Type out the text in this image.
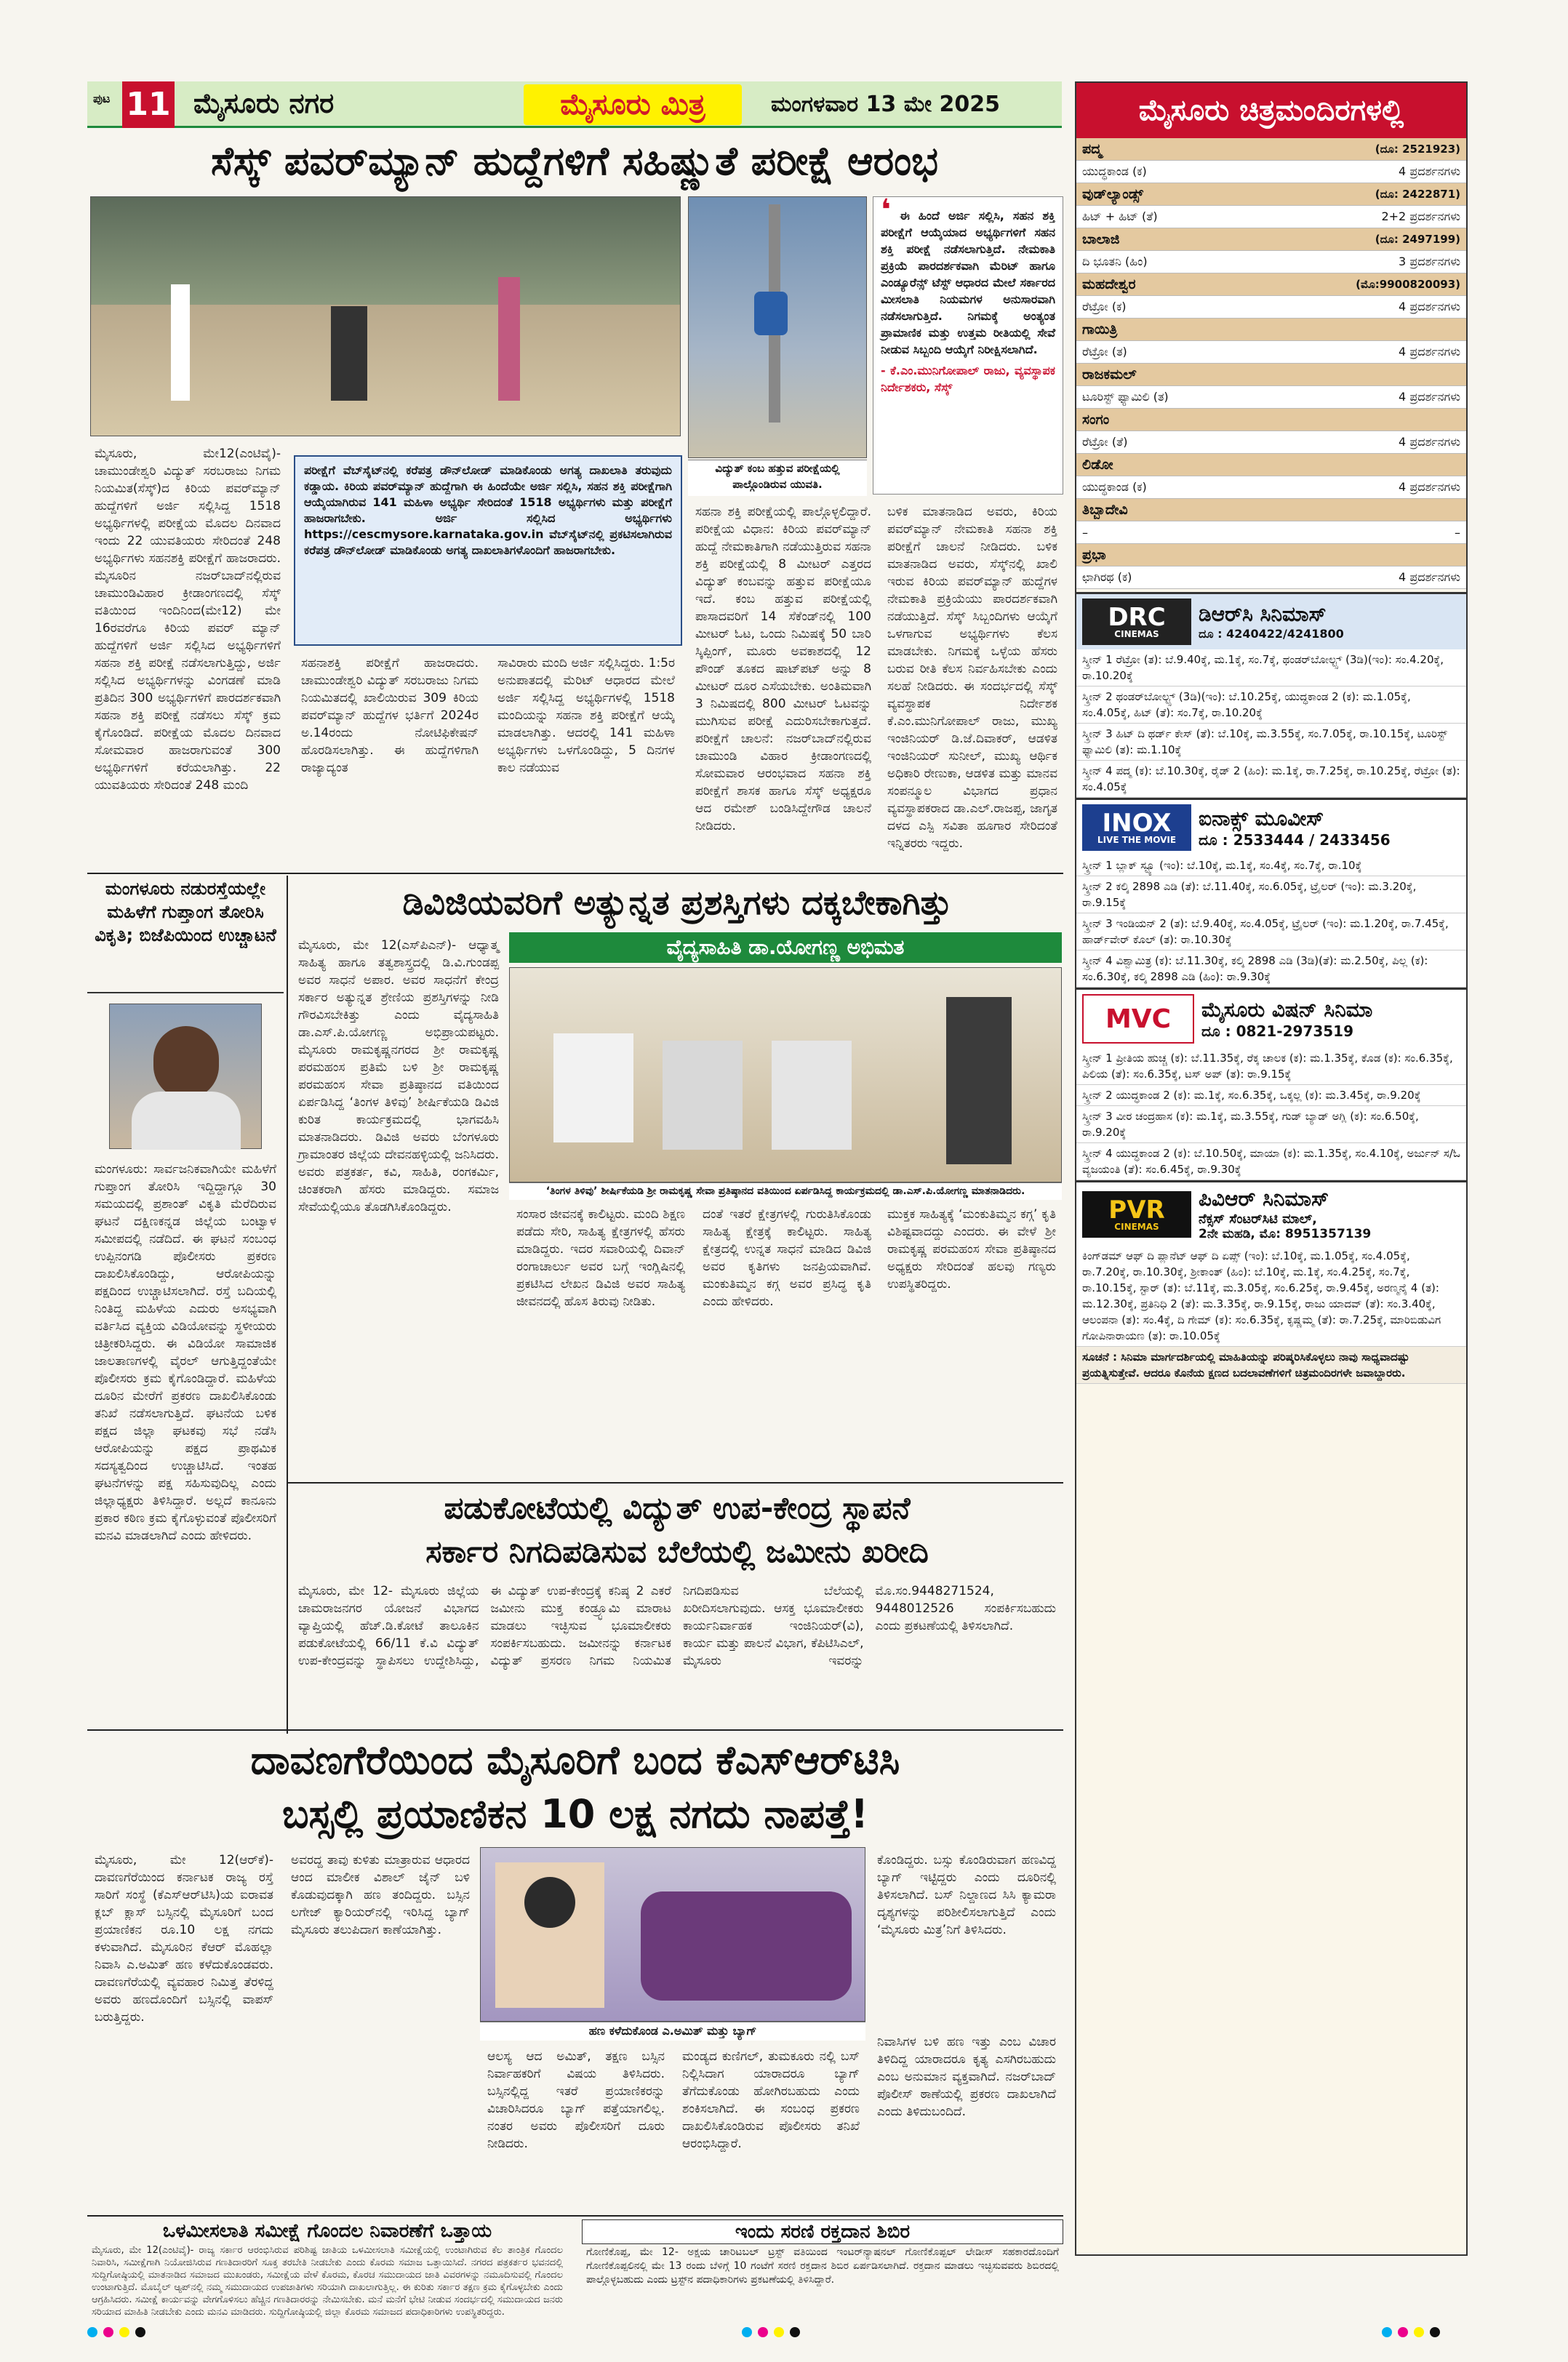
ಪುಟ 11 ಮೈಸೂರು ನಗರ	ಮೈಸೂರು ಮಿತ್ರ	ಮಂಗಳವಾರ 13 ಮೇ 2025	ಮೈಸೂರು ಚಿತ್ರಮಂದಿರಗಳಲ್ಲಿ
ಪದ್ಮ	(ದೂ: 2521923)
ಯುದ್ಧಕಾಂಡ (ಕ)	4 ಪ್ರದರ್ಶನಗಳು
ವುಡ್‌ಲ್ಯಾಂಡ್ಸ್	(ದೂ: 2422871)
ಹಿಟ್ + ಹಿಟ್ (ತೆ)	2+2 ಪ್ರದರ್ಶನಗಳು
ಬಾಲಾಜಿ	(ದೂ: 2497199)
ದಿ ಭೂತನಿ (ಹಿಂ)	3 ಪ್ರದರ್ಶನಗಳು
ಮಹದೇಶ್ವರ	(ಮೊ:9900820093)
ರೆಟ್ರೋ (ಕ)	4 ಪ್ರದರ್ಶನಗಳು
ಗಾಯಿತ್ರಿ
ರೆಟ್ರೋ (ತ)	4 ಪ್ರದರ್ಶನಗಳು
ರಾಜಕಮಲ್
ಟೂರಿಸ್ಟ್ ಫ್ಯಾಮಿಲಿ (ತ)	4 ಪ್ರದರ್ಶನಗಳು
ಸಂಗಂ
ರೆಟ್ರೋ (ತೆ)	4 ಪ್ರದರ್ಶನಗಳು
ಲಿಡೋ
ಯುದ್ಧಕಾಂಡ (ಕ)	4 ಪ್ರದರ್ಶನಗಳು
ತಿಬ್ಬಾದೇವಿ
–	–
ಪ್ರಭಾ
ಛಾಗಿರಥ (ಕ)	4 ಪ್ರದರ್ಶನಗಳು
DRC
CINEMAS
ಡಿಆರ್‌ಸಿ ಸಿನಿಮಾಸ್
ದೂ : 4240422/4241800
ಸ್ಕ್ರೀನ್ 1 ರೆಟ್ರೋ (ತ): ಬೆ.9.40ಕ್ಕೆ, ಮ.1ಕ್ಕೆ, ಸಂ.7ಕ್ಕೆ, ಥಂಡರ್‌ಬೋಲ್ಟ್ಸ್ (3ಡಿ)(ಇಂ): ಸಂ.4.20ಕ್ಕೆ, ರಾ.10.20ಕ್ಕೆ
ಸ್ಕ್ರೀನ್ 2 ಥಂಡರ್‌ಬೋಲ್ಟ್ಸ್ (3ಡಿ)(ಇಂ): ಬೆ.10.25ಕ್ಕೆ, ಯುದ್ಧಕಾಂಡ 2 (ಕ): ಮ.1.05ಕ್ಕೆ, ಸಂ.4.05ಕ್ಕೆ, ಹಿಟ್ (ತೆ): ಸಂ.7ಕ್ಕೆ, ರಾ.10.20ಕ್ಕೆ
ಸ್ಕ್ರೀನ್ 3 ಹಿಟ್ ದಿ ಥರ್ಡ್ ಕೇಸ್ (ತೆ): ಬೆ.10ಕ್ಕೆ, ಮ.3.55ಕ್ಕೆ, ಸಂ.7.05ಕ್ಕೆ, ರಾ.10.15ಕ್ಕೆ, ಟೂರಿಸ್ಟ್ ಫ್ಯಾಮಿಲಿ (ತ): ಮ.1.10ಕ್ಕೆ
ಸ್ಕ್ರೀನ್ 4 ಪದ್ಮ (ಕ): ಬೆ.10.30ಕ್ಕೆ, ರೈಡ್ 2 (ಹಿಂ): ಮ.1ಕ್ಕೆ, ರಾ.7.25ಕ್ಕೆ, ರಾ.10.25ಕ್ಕೆ, ರೆಟ್ರೋ (ತ): ಸಂ.4.05ಕ್ಕೆ
INOX
LIVE THE MOVIE
ಐನಾಕ್ಸ್ ಮೂವೀಸ್
ದೂ : 2533444 / 2433456
ಸ್ಕ್ರೀನ್ 1 ಬ್ಲಾಕ್ ಸ್ಟ್ಯೂ (ಇಂ): ಬೆ.10ಕ್ಕೆ, ಮ.1ಕ್ಕೆ, ಸಂ.4ಕ್ಕೆ, ಸಂ.7ಕ್ಕೆ, ರಾ.10ಕ್ಕೆ
ಸ್ಕ್ರೀನ್ 2 ಕಲ್ಕಿ 2898 ಎಡಿ (ತೆ): ಬೆ.11.40ಕ್ಕೆ, ಸಂ.6.05ಕ್ಕೆ, ಟ್ರೈಲರ್ (ಇಂ): ಮ.3.20ಕ್ಕೆ, ರಾ.9.15ಕ್ಕೆ
ಸ್ಕ್ರೀನ್ 3 ಇಂಡಿಯನ್ 2 (ತ): ಬೆ.9.40ಕ್ಕೆ, ಸಂ.4.05ಕ್ಕೆ, ಟ್ರೈಲರ್ (ಇಂ): ಮ.1.20ಕ್ಕೆ, ರಾ.7.45ಕ್ಕೆ, ಹಾರ್ಡ್‌ವೇರ್ ಕೊಲ್ (ತ): ರಾ.10.30ಕ್ಕೆ
ಸ್ಕ್ರೀನ್ 4 ವಿಶ್ವಾಮಿತ್ರ (ಕ): ಬೆ.11.30ಕ್ಕೆ, ಕಲ್ಕಿ 2898 ಎಡಿ (3ಡಿ)(ತೆ): ಮ.2.50ಕ್ಕೆ, ಪಿಲ್ಲ (ಕ): ಸಂ.6.30ಕ್ಕೆ, ಕಲ್ಕಿ 2898 ಎಡಿ (ಹಿಂ): ರಾ.9.30ಕ್ಕೆ
MVC ಮೈಸೂರು ವಿಷನ್ ಸಿನಿಮಾ
ದೂ : 0821-2973519
ಸ್ಕ್ರೀನ್ 1 ಪ್ರೀತಿಯ ಹುಚ್ಚ (ಕ): ಬೆ.11.35ಕ್ಕೆ, ರೆಕ್ಕ ಚಾಲಕ (ಕ): ಮ.1.35ಕ್ಕೆ, ಕೊಡ (ಕ): ಸಂ.6.35ಕ್ಕೆ, ಪಿಲಿಯ (ತೆ): ಸಂ.6.35ಕ್ಕೆ, ಟಸ್ ಅಪ್ (ತ): ರಾ.9.15ಕ್ಕೆ
ಸ್ಕ್ರೀನ್ 2 ಯುದ್ಧಕಾಂಡ 2 (ಕ): ಮ.1ಕ್ಕೆ, ಸಂ.6.35ಕ್ಕೆ, ಒಕ್ಕಲ್ಲ (ಕ): ಮ.3.45ಕ್ಕೆ, ರಾ.9.20ಕ್ಕೆ
ಸ್ಕ್ರೀನ್ 3 ವೀರ ಚಂದ್ರಹಾಸ (ಕ): ಮ.1ಕ್ಕೆ, ಮ.3.55ಕ್ಕೆ, ಗುಡ್ ಬ್ಯಾಡ್ ಅಗ್ಲಿ (ಕ): ಸಂ.6.50ಕ್ಕೆ, ರಾ.9.20ಕ್ಕೆ
ಸ್ಕ್ರೀನ್ 4 ಯುದ್ಧಕಾಂಡ 2 (ಕ): ಬೆ.10.50ಕ್ಕೆ, ಮಾಯಾ (ಕ): ಮ.1.35ಕ್ಕೆ, ಸಂ.4.10ಕ್ಕೆ, ಅರ್ಜುನ್ ಸ/ಓ ವ್ಯಜಯಂತಿ (ತೆ): ಸಂ.6.45ಕ್ಕೆ, ರಾ.9.30ಕ್ಕೆ
PVR
CINEMAS
ಪಿವಿಆರ್ ಸಿನಿಮಾಸ್
ನೆಕ್ಸಸ್ ಸೆಂಟರ್‌ಸಿಟಿ ಮಾಲ್,
2ನೇ ಮಹಡಿ, ಮೊ: 8951357139
ಕಿಂಗ್‌ಡಮ್ ಆಫ್ ದಿ ಪ್ಲಾನೆಟ್ ಆಫ್ ದಿ ಏಪ್ಸ್ (ಇಂ): ಬೆ.10ಕ್ಕೆ, ಮ.1.05ಕ್ಕೆ, ಸಂ.4.05ಕ್ಕೆ, ರಾ.7.20ಕ್ಕೆ, ರಾ.10.30ಕ್ಕೆ, ಶ್ರೀಕಾಂತ್ (ಹಿಂ): ಬೆ.10ಕ್ಕೆ, ಮ.1ಕ್ಕೆ, ಸಂ.4.25ಕ್ಕೆ, ಸಂ.7ಕ್ಕೆ, ರಾ.10.15ಕ್ಕೆ, ಸ್ಟಾರ್ (ತ): ಬೆ.11ಕ್ಕೆ, ಮ.3.05ಕ್ಕೆ, ಸಂ.6.25ಕ್ಕೆ, ರಾ.9.45ಕ್ಕೆ, ಅರಣ್ಮನೈ 4 (ತ): ಮ.12.30ಕ್ಕೆ, ಪ್ರತಿನಿಧಿ 2 (ತೆ): ಮ.3.35ಕ್ಕೆ, ರಾ.9.15ಕ್ಕೆ, ರಾಜು ಯಾದವ್ (ತೆ): ಸಂ.3.40ಕ್ಕೆ, ಆಲಂಪನಾ (ತ): ಸಂ.4ಕ್ಕೆ, ದಿ ಗೇಮ್ (ಕ): ಸಂ.6.35ಕ್ಕೆ, ಕೃಷ್ಣಮ್ಮ (ತೆ): ರಾ.7.25ಕ್ಕೆ, ಮಾರಿಬಿಡುವಿಗ ಗೋಪಿನಾರಾಯಣ (ತ): ರಾ.10.05ಕ್ಕೆ
ಸೂಚನೆ : ಸಿನಿಮಾ ಮಾರ್ಗದರ್ಶಿಯಲ್ಲಿ ಮಾಹಿತಿಯನ್ನು ಪರಿಷ್ಕರಿಸಿಕೊಳ್ಳಲು ನಾವು ಸಾಧ್ಯವಾದಷ್ಟು ಪ್ರಯತ್ನಿಸುತ್ತೇವೆ. ಆದರೂ ಕೊನೆಯ ಕ್ಷಣದ ಬದಲಾವಣೆಗಳಿಗೆ ಚಿತ್ರಮಂದಿರಗಳೇ ಜವಾಬ್ದಾರರು.
ಸೆಸ್ಕ್ ಪವರ್‌ಮ್ಯಾನ್ ಹುದ್ದೆಗಳಿಗೆ ಸಹಿಷ್ಣುತೆ ಪರೀಕ್ಷೆ ಆರಂಭ
ವಿದ್ಯುತ್ ಕಂಬ ಹತ್ತುವ ಪರೀಕ್ಷೆಯಲ್ಲಿ ಪಾಲ್ಗೊಂಡಿರುವ ಯುವತಿ.
❛ ಈ ಹಿಂದೆ ಅರ್ಜಿ ಸಲ್ಲಿಸಿ, ಸಹನ ಶಕ್ತಿ ಪರೀಕ್ಷೆಗೆ ಆಯ್ಕೆಯಾದ ಅಭ್ಯರ್ಥಿಗಳಿಗೆ ಸಹನ ಶಕ್ತಿ ಪರೀಕ್ಷೆ ನಡೆಸಲಾಗುತ್ತಿದೆ. ನೇಮಕಾತಿ ಪ್ರಕ್ರಿಯೆ ಪಾರದರ್ಶಕವಾಗಿ ಮೆರಿಟ್ ಹಾಗೂ ಎಂಡ್ಯೂರೆನ್ಸ್ ಟೆಸ್ಟ್ ಆಧಾರದ ಮೇಲೆ ಸರ್ಕಾರದ ಮೀಸಲಾತಿ ನಿಯಮಗಳ ಅನುಸಾರವಾಗಿ ನಡೆಸಲಾಗುತ್ತಿದೆ. ನಿಗಮಕ್ಕೆ ಅಂತ್ಯಂತ ಪ್ರಾಮಾಣಿಕ ಮತ್ತು ಉತ್ತಮ ರೀತಿಯಲ್ಲಿ ಸೇವೆ ನೀಡುವ ಸಿಬ್ಬಂದಿ ಆಯ್ಕೆಗೆ ನಿರೀಕ್ಷಿಸಲಾಗಿದೆ.
- ಕೆ.ಎಂ.ಮುನಿಗೋಪಾಲ್ ರಾಜು, ವ್ಯವಸ್ಥಾಪಕ ನಿರ್ದೇಶಕರು, ಸೆಸ್ಕ್
ಮೈಸೂರು, ಮೇ12(ಎಂಟಿವೈ)- ಚಾಮುಂಡೇಶ್ವರಿ ವಿದ್ಯುತ್ ಸರಬರಾಜು ನಿಗಮ ನಿಯಮಿತ(ಸೆಸ್ಕ್)ದ ಕಿರಿಯ ಪವರ್‌ಮ್ಯಾನ್ ಹುದ್ದೆಗಳಿಗೆ ಅರ್ಜಿ ಸಲ್ಲಿಸಿದ್ದ 1518 ಅಭ್ಯರ್ಥಿಗಳಲ್ಲಿ ಪರೀಕ್ಷೆಯ ಮೊದಲ ದಿನವಾದ ಇಂದು 22 ಯುವತಿಯರು ಸೇರಿದಂತೆ 248 ಅಭ್ಯರ್ಥಿಗಳು ಸಹನಶಕ್ತಿ ಪರೀಕ್ಷೆಗೆ ಹಾಜರಾದರು. ಮೈಸೂರಿನ ನಜರ್‌ಬಾದ್‌ನಲ್ಲಿರುವ ಚಾಮುಂಡಿವಿಹಾರ ಕ್ರೀಡಾಂಗಣದಲ್ಲಿ ಸೆಸ್ಕ್ ವತಿಯಿಂದ ಇಂದಿನಿಂದ(ಮೇ12) ಮೇ 16ರವರೆಗೂ ಕಿರಿಯ ಪವರ್ ಮ್ಯಾನ್ ಹುದ್ದೆಗಳಿಗೆ ಅರ್ಜಿ ಸಲ್ಲಿಸಿದ ಅಭ್ಯರ್ಥಿಗಳಿಗೆ ಸಹನಾ ಶಕ್ತಿ ಪರೀಕ್ಷೆ ನಡೆಸಲಾಗುತ್ತಿದ್ದು, ಅರ್ಜಿ ಸಲ್ಲಿಸಿದ ಅಭ್ಯರ್ಥಿಗಳನ್ನು ವಿಂಗಡಣೆ ಮಾಡಿ ಪ್ರತಿದಿನ 300 ಅಭ್ಯರ್ಥಿಗಳಿಗೆ ಪಾರದರ್ಶಕವಾಗಿ ಸಹನಾ ಶಕ್ತಿ ಪರೀಕ್ಷೆ ನಡೆಸಲು ಸೆಸ್ಕ್ ಕ್ರಮ ಕೈಗೊಂಡಿದೆ. ಪರೀಕ್ಷೆಯ ಮೊದಲ ದಿನವಾದ ಸೋಮವಾರ ಹಾಜರಾಗುವಂತೆ 300 ಅಭ್ಯರ್ಥಿಗಳಿಗೆ ಕರೆಯಲಾಗಿತ್ತು. 22 ಯುವತಿಯರು ಸೇರಿದಂತೆ 248 ಮಂದಿ
ಪರೀಕ್ಷೆಗೆ ವೆಬ್‌ಸೈಟ್‌ನಲ್ಲಿ ಕರೆಪತ್ರ ಡೌನ್‌ಲೋಡ್ ಮಾಡಿಕೊಂಡು ಅಗತ್ಯ ದಾಖಲಾತಿ ತರುವುದು ಕಡ್ಡಾಯ. ಕಿರಿಯ ಪವರ್‌ಮ್ಯಾನ್ ಹುದ್ದೆಗಾಗಿ ಈ ಹಿಂದೆಯೇ ಅರ್ಜಿ ಸಲ್ಲಿಸಿ, ಸಹನ ಶಕ್ತಿ ಪರೀಕ್ಷೆಗಾಗಿ ಆಯ್ಕೆಯಾಗಿರುವ 141 ಮಹಿಳಾ ಅಭ್ಯರ್ಥಿ ಸೇರಿದಂತೆ 1518 ಅಭ್ಯರ್ಥಿಗಳು ಮತ್ತು ಪರೀಕ್ಷೆಗೆ ಹಾಜರಾಗಬೇಕು. ಅರ್ಜಿ ಸಲ್ಲಿಸಿದ ಅಭ್ಯರ್ಥಿಗಳು https://cescmysore.karnataka.gov.in ವೆಬ್‌ಸೈಟ್‌ನಲ್ಲಿ ಪ್ರಕಟಿಸಲಾಗಿರುವ ಕರೆಪತ್ರ ಡೌನ್‌ಲೋಡ್ ಮಾಡಿಕೊಂಡು ಅಗತ್ಯ ದಾಖಲಾತಿಗಳೊಂದಿಗೆ ಹಾಜರಾಗಬೇಕು.
ಸಹನಾಶಕ್ತಿ ಪರೀಕ್ಷೆಗೆ ಹಾಜರಾದರು. ಚಾಮುಂಡೇಶ್ವರಿ ವಿದ್ಯುತ್ ಸರಬರಾಜು ನಿಗಮ ನಿಯಮಿತದಲ್ಲಿ ಖಾಲಿಯಿರುವ 309 ಕಿರಿಯ ಪವರ್‌ಮ್ಯಾನ್ ಹುದ್ದೆಗಳ ಭರ್ತಿಗೆ 2024ರ ಅ.14ರಂದು ನೋಟಿಫಿಕೇಷನ್ ಹೊರಡಿಸಲಾಗಿತ್ತು. ಈ ಹುದ್ದೆಗಳಿಗಾಗಿ ರಾಜ್ಯಾದ್ಯಂತ
ಸಾವಿರಾರು ಮಂದಿ ಅರ್ಜಿ ಸಲ್ಲಿಸಿದ್ದರು. 1:5ರ ಅನುಪಾತದಲ್ಲಿ ಮೆರಿಟ್ ಆಧಾರದ ಮೇಲೆ ಅರ್ಜಿ ಸಲ್ಲಿಸಿದ್ದ ಅಭ್ಯರ್ಥಿಗಳಲ್ಲಿ 1518 ಮಂದಿಯನ್ನು ಸಹನಾ ಶಕ್ತಿ ಪರೀಕ್ಷೆಗೆ ಆಯ್ಕೆ ಮಾಡಲಾಗಿತ್ತು. ಆದರಲ್ಲಿ 141 ಮಹಿಳಾ ಅಭ್ಯರ್ಥಿಗಳು ಒಳಗೊಂಡಿದ್ದು, 5 ದಿನಗಳ ಕಾಲ ನಡೆಯುವ
ಸಹನಾ ಶಕ್ತಿ ಪರೀಕ್ಷೆಯಲ್ಲಿ ಪಾಲ್ಗೊಳ್ಳಲಿದ್ದಾರೆ. ಪರೀಕ್ಷೆಯ ವಿಧಾನ: ಕಿರಿಯ ಪವರ್‌ಮ್ಯಾನ್ ಹುದ್ದೆ ನೇಮಕಾತಿಗಾಗಿ ನಡೆಯುತ್ತಿರುವ ಸಹನಾ ಶಕ್ತಿ ಪರೀಕ್ಷೆಯಲ್ಲಿ 8 ಮೀಟರ್ ಎತ್ತರದ ವಿದ್ಯುತ್ ಕಂಬವನ್ನು ಹತ್ತುವ ಪರೀಕ್ಷೆಯೂ ಇದೆ. ಕಂಬ ಹತ್ತುವ ಪರೀಕ್ಷೆಯಲ್ಲಿ ಪಾಸಾದವರಿಗೆ 14 ಸೆಕೆಂಡ್‌ನಲ್ಲಿ 100 ಮೀಟರ್ ಓಟ, ಒಂದು ನಿಮಿಷಕ್ಕೆ 50 ಬಾರಿ ಸ್ಕಿಪ್ಪಿಂಗ್, ಮೂರು ಅವಕಾಶದಲ್ಲಿ 12 ಪೌಂಡ್ ತೂಕದ ಷಾಟ್‌ಪಟ್ ಅನ್ನು 8 ಮೀಟರ್ ದೂರ ಎಸೆಯಬೇಕು. ಅಂತಿಮವಾಗಿ 3 ನಿಮಿಷದಲ್ಲಿ 800 ಮೀಟರ್ ಓಟವನ್ನು ಮುಗಿಸುವ ಪರೀಕ್ಷೆ ಎದುರಿಸಬೇಕಾಗುತ್ತದೆ. ಪರೀಕ್ಷೆಗೆ ಚಾಲನೆ: ನಜರ್‌ಬಾದ್‌ನಲ್ಲಿರುವ ಚಾಮುಂಡಿ ವಿಹಾರ ಕ್ರೀಡಾಂಗಣದಲ್ಲಿ ಸೋಮವಾರ ಆರಂಭವಾದ ಸಹನಾ ಶಕ್ತಿ ಪರೀಕ್ಷೆಗೆ ಶಾಸಕ ಹಾಗೂ ಸೆಸ್ಕ್ ಅಧ್ಯಕ್ಷರೂ ಆದ ರಮೇಶ್ ಬಂಡಿಸಿದ್ದೇಗೌಡ ಚಾಲನೆ ನೀಡಿದರು.
ಬಳಿಕ ಮಾತನಾಡಿದ ಅವರು, ಕಿರಿಯ ಪವರ್‌ಮ್ಯಾನ್ ನೇಮಕಾತಿ ಸಹನಾ ಶಕ್ತಿ ಪರೀಕ್ಷೆಗೆ ಚಾಲನೆ ನೀಡಿದರು. ಬಳಿಕ ಮಾತನಾಡಿದ ಅವರು, ಸೆಸ್ಕ್‌ನಲ್ಲಿ ಖಾಲಿ ಇರುವ ಕಿರಿಯ ಪವರ್‌ಮ್ಯಾನ್ ಹುದ್ದೆಗಳ ನೇಮಕಾತಿ ಪ್ರಕ್ರಿಯೆಯು ಪಾರದರ್ಶಕವಾಗಿ ನಡೆಯುತ್ತಿದೆ. ಸೆಸ್ಕ್ ಸಿಬ್ಬಂದಿಗಳು ಆಯ್ಕೆಗೆ ಒಳಗಾಗುವ ಅಭ್ಯರ್ಥಿಗಳು ಕೆಲಸ ಮಾಡಬೇಕು. ನಿಗಮಕ್ಕೆ ಒಳ್ಳೆಯ ಹೆಸರು ಬರುವ ರೀತಿ ಕೆಲಸ ನಿರ್ವಹಿಸಬೇಕು ಎಂದು ಸಲಹೆ ನೀಡಿದರು. ಈ ಸಂದರ್ಭದಲ್ಲಿ ಸೆಸ್ಕ್ ವ್ಯವಸ್ಥಾಪಕ ನಿರ್ದೇಶಕ ಕೆ.ಎಂ.ಮುನಿಗೋಪಾಲ್ ರಾಜು, ಮುಖ್ಯ ಇಂಜಿನಿಯರ್ ಡಿ.ಜೆ.ದಿವಾಕರ್, ಆಡಳಿತ ಇಂಜಿನಿಯರ್ ಸುನೀಲ್, ಮುಖ್ಯ ಆರ್ಥಿಕ ಅಧಿಕಾರಿ ರೇಣುಕಾ, ಆಡಳಿತ ಮತ್ತು ಮಾನವ ಸಂಪನ್ಮೂಲ ವಿಭಾಗದ ಪ್ರಧಾನ ವ್ಯವಸ್ಥಾಪಕರಾದ ಡಾ.ಎಲ್.ರಾಜಪ್ಪ, ಜಾಗೃತ ದಳದ ಎಸ್ಪಿ ಸವಿತಾ ಹೂಗಾರ ಸೇರಿದಂತೆ ಇನ್ನಿತರರು ಇದ್ದರು.
ಮಂಗಳೂರು ನಡುರಸ್ತೆಯಲ್ಲೇ ಮಹಿಳೆಗೆ ಗುಪ್ತಾಂಗ ತೋರಿಸಿ ವಿಕೃತಿ; ಬಿಜೆಪಿಯಿಂದ ಉಚ್ಚಾಟನೆ
ಮಂಗಳೂರು: ಸಾರ್ವಜನಿಕವಾಗಿಯೇ ಮಹಿಳೆಗೆ ಗುಪ್ತಾಂಗ ತೋರಿಸಿ ಇದ್ದಿದ್ದಾಗ್ಗೂ 30 ಸಮಯದಲ್ಲಿ ಪ್ರಶಾಂತ್ ವಿಕೃತಿ ಮೆರೆದಿರುವ ಘಟನೆ ದಕ್ಷಿಣಕನ್ನಡ ಜಿಲ್ಲೆಯ ಬಂಟ್ವಾಳ ಸಮೀಪದಲ್ಲಿ ನಡೆದಿದೆ. ಈ ಘಟನೆ ಸಂಬಂಧ ಉಪ್ಪಿನಂಗಡಿ ಪೊಲೀಸರು ಪ್ರಕರಣ ದಾಖಲಿಸಿಕೊಂಡಿದ್ದು, ಆರೋಪಿಯನ್ನು ಪಕ್ಷದಿಂದ ಉಚ್ಚಾಟಿಸಲಾಗಿದೆ. ರಸ್ತೆ ಬದಿಯಲ್ಲಿ ನಿಂತಿದ್ದ ಮಹಿಳೆಯ ಎದುರು ಅಸಭ್ಯವಾಗಿ ವರ್ತಿಸಿದ ವ್ಯಕ್ತಿಯ ವಿಡಿಯೋವನ್ನು ಸ್ಥಳೀಯರು ಚಿತ್ರೀಕರಿಸಿದ್ದರು. ಈ ವಿಡಿಯೋ ಸಾಮಾಜಿಕ ಜಾಲತಾಣಗಳಲ್ಲಿ ವೈರಲ್ ಆಗುತ್ತಿದ್ದಂತೆಯೇ ಪೊಲೀಸರು ಕ್ರಮ ಕೈಗೊಂಡಿದ್ದಾರೆ. ಮಹಿಳೆಯ ದೂರಿನ ಮೇರೆಗೆ ಪ್ರಕರಣ ದಾಖಲಿಸಿಕೊಂಡು ತನಿಖೆ ನಡೆಸಲಾಗುತ್ತಿದೆ. ಘಟನೆಯ ಬಳಿಕ ಪಕ್ಷದ ಜಿಲ್ಲಾ ಘಟಕವು ಸಭೆ ನಡೆಸಿ ಆರೋಪಿಯನ್ನು ಪಕ್ಷದ ಪ್ರಾಥಮಿಕ ಸದಸ್ಯತ್ವದಿಂದ ಉಚ್ಚಾಟಿಸಿದೆ. ಇಂತಹ ಘಟನೆಗಳನ್ನು ಪಕ್ಷ ಸಹಿಸುವುದಿಲ್ಲ ಎಂದು ಜಿಲ್ಲಾಧ್ಯಕ್ಷರು ತಿಳಿಸಿದ್ದಾರೆ. ಅಲ್ಲದೆ ಕಾನೂನು ಪ್ರಕಾರ ಕಠಿಣ ಕ್ರಮ ಕೈಗೊಳ್ಳುವಂತೆ ಪೊಲೀಸರಿಗೆ ಮನವಿ ಮಾಡಲಾಗಿದೆ ಎಂದು ಹೇಳಿದರು.
ಡಿವಿಜಿಯವರಿಗೆ ಅತ್ಯುನ್ನತ ಪ್ರಶಸ್ತಿಗಳು ದಕ್ಕಬೇಕಾಗಿತ್ತು
ವೈದ್ಯಸಾಹಿತಿ ಡಾ.ಯೋಗಣ್ಣ ಅಭಿಮತ
ಮೈಸೂರು, ಮೇ 12(ಎಸ್‌ಪಿಎನ್)- ಆಧ್ಯಾತ್ಮ ಸಾಹಿತ್ಯ ಹಾಗೂ ತತ್ವಶಾಸ್ತ್ರದಲ್ಲಿ ಡಿ.ವಿ.ಗುಂಡಪ್ಪ ಅವರ ಸಾಧನೆ ಅಪಾರ. ಅವರ ಸಾಧನೆಗೆ ಕೇಂದ್ರ ಸರ್ಕಾರ ಅತ್ಯುನ್ನತ ಶ್ರೇಣಿಯ ಪ್ರಶಸ್ತಿಗಳನ್ನು ನೀಡಿ ಗೌರವಿಸಬೇಕಿತ್ತು ಎಂದು ವೈದ್ಯಸಾಹಿತಿ ಡಾ.ಎಸ್.ಪಿ.ಯೋಗಣ್ಣ ಅಭಿಪ್ರಾಯಪಟ್ಟರು. ಮೈಸೂರು ರಾಮಕೃಷ್ಣನಗರದ ಶ್ರೀ ರಾಮಕೃಷ್ಣ ಪರಮಹಂಸ ಪ್ರತಿಮೆ ಬಳಿ ಶ್ರೀ ರಾಮಕೃಷ್ಣ ಪರಮಹಂಸ ಸೇವಾ ಪ್ರತಿಷ್ಠಾನದ ವತಿಯಿಂದ ಏರ್ಪಡಿಸಿದ್ದ ‘ತಿಂಗಳ ತಿಳಿವು’ ಶೀರ್ಷಿಕೆಯಡಿ ಡಿವಿಜಿ ಕುರಿತ ಕಾರ್ಯಕ್ರಮದಲ್ಲಿ ಭಾಗವಹಿಸಿ ಮಾತನಾಡಿದರು. ಡಿವಿಜಿ ಅವರು ಬೆಂಗಳೂರು ಗ್ರಾಮಾಂತರ ಜಿಲ್ಲೆಯ ದೇವನಹಳ್ಳಿಯಲ್ಲಿ ಜನಿಸಿದರು. ಅವರು ಪತ್ರಕರ್ತ, ಕವಿ, ಸಾಹಿತಿ, ರಂಗಕರ್ಮಿ, ಚಿಂತಕರಾಗಿ ಹೆಸರು ಮಾಡಿದ್ದರು. ಸಮಾಜ ಸೇವೆಯಲ್ಲಿಯೂ ತೊಡಗಿಸಿಕೊಂಡಿದ್ದರು.
‘ತಿಂಗಳ ತಿಳಿವು’ ಶೀರ್ಷಿಕೆಯಡಿ ಶ್ರೀ ರಾಮಕೃಷ್ಣ ಸೇವಾ ಪ್ರತಿಷ್ಠಾನದ ವತಿಯಿಂದ ಏರ್ಪಡಿಸಿದ್ದ ಕಾರ್ಯಕ್ರಮದಲ್ಲಿ ಡಾ.ಎಸ್.ಪಿ.ಯೋಗಣ್ಣ ಮಾತನಾಡಿದರು.
ಸಂಸಾರ ಜೀವನಕ್ಕೆ ಕಾಲಿಟ್ಟರು. ಮಂದಿ ಶಿಕ್ಷಣ ಪಡೆದು ಸೇರಿ, ಸಾಹಿತ್ಯ ಕ್ಷೇತ್ರಗಳಲ್ಲಿ ಹೆಸರು ಮಾಡಿದ್ದರು. ಇದರ ಸವಾರಿಯಲ್ಲಿ ದಿವಾನ್ ರಂಗಾಚಾರ್ಲು ಅವರ ಬಗ್ಗೆ ಇಂಗ್ಲಿಷಿನಲ್ಲಿ ಪ್ರಕಟಿಸಿದ ಲೇಖನ ಡಿವಿಜಿ ಅವರ ಸಾಹಿತ್ಯ ಜೀವನದಲ್ಲಿ ಹೊಸ ತಿರುವು ನೀಡಿತು.
ದಂತೆ ಇತರೆ ಕ್ಷೇತ್ರಗಳಲ್ಲಿ ಗುರುತಿಸಿಕೊಂಡು ಸಾಹಿತ್ಯ ಕ್ಷೇತ್ರಕ್ಕೆ ಕಾಲಿಟ್ಟರು. ಸಾಹಿತ್ಯ ಕ್ಷೇತ್ರದಲ್ಲಿ ಉನ್ನತ ಸಾಧನೆ ಮಾಡಿದ ಡಿವಿಜಿ ಅವರ ಕೃತಿಗಳು ಜನಪ್ರಿಯವಾಗಿವೆ. ಮಂಕುತಿಮ್ಮನ ಕಗ್ಗ ಅವರ ಪ್ರಸಿದ್ಧ ಕೃತಿ ಎಂದು ಹೇಳಿದರು.
ಮುಕ್ತಕ ಸಾಹಿತ್ಯಕ್ಕೆ ‘ಮಂಕುತಿಮ್ಮನ ಕಗ್ಗ’ ಕೃತಿ ವಿಶಿಷ್ಟವಾದದ್ದು ಎಂದರು. ಈ ವೇಳೆ ಶ್ರೀ ರಾಮಕೃಷ್ಣ ಪರಮಹಂಸ ಸೇವಾ ಪ್ರತಿಷ್ಠಾನದ ಅಧ್ಯಕ್ಷರು ಸೇರಿದಂತೆ ಹಲವು ಗಣ್ಯರು ಉಪಸ್ಥಿತರಿದ್ದರು.
ಪಡುಕೋಟೆಯಲ್ಲಿ ವಿದ್ಯುತ್ ಉಪ-ಕೇಂದ್ರ ಸ್ಥಾಪನೆ
ಸರ್ಕಾರ ನಿಗದಿಪಡಿಸುವ ಬೆಲೆಯಲ್ಲಿ ಜಮೀನು ಖರೀದಿ
ಮೈಸೂರು, ಮೇ 12- ಮೈಸೂರು ಜಿಲ್ಲೆಯ ಚಾಮರಾಜನಗರ ಯೋಜನೆ ವಿಭಾಗದ ವ್ಯಾಪ್ತಿಯಲ್ಲಿ ಹೆಚ್.ಡಿ.ಕೋಟೆ ತಾಲೂಕಿನ ಪಡುಕೋಟೆಯಲ್ಲಿ 66/11 ಕೆ.ವಿ ವಿದ್ಯುತ್ ಉಪ-ಕೇಂದ್ರವನ್ನು ಸ್ಥಾಪಿಸಲು ಉದ್ದೇಶಿಸಿದ್ದು, ಈ ವಿದ್ಯುತ್ ಉಪ-ಕೇಂದ್ರಕ್ಕೆ ಕನಿಷ್ಠ 2 ಎಕರೆ ಜಮೀನು ಮುಕ್ತ ಕಂಡ್ರ್ಭೂಮಿ ಮಾರಾಟ ಮಾಡಲು ಇಚ್ಛಿಸುವ ಭೂಮಾಲೀಕರು ಸಂಪರ್ಕಿಸಬಹುದು. ಜಮೀನನ್ನು ಕರ್ನಾಟಕ ವಿದ್ಯುತ್ ಪ್ರಸರಣ ನಿಗಮ ನಿಯಮಿತ ನಿಗದಿಪಡಿಸುವ ಬೆಲೆಯಲ್ಲಿ ಖರೀದಿಸಲಾಗುವುದು. ಆಸಕ್ತ ಭೂಮಾಲೀಕರು ಕಾರ್ಯನಿರ್ವಾಹಕ ಇಂಜಿನಿಯರ್(ವಿ), ಕಾರ್ಯ ಮತ್ತು ಪಾಲನೆ ವಿಭಾಗ, ಕೆಪಿಟಿಸಿಎಲ್, ಮೈಸೂರು ಇವರನ್ನು ಮೊ.ಸಂ.9448271524, 9448012526 ಸಂಪರ್ಕಿಸಬಹುದು ಎಂದು ಪ್ರಕಟಣೆಯಲ್ಲಿ ತಿಳಿಸಲಾಗಿದೆ.
ದಾವಣಗೆರೆಯಿಂದ ಮೈಸೂರಿಗೆ ಬಂದ ಕೆಎಸ್‌ಆರ್‌ಟಿಸಿ
ಬಸ್ಸಲ್ಲಿ ಪ್ರಯಾಣಿಕನ 10 ಲಕ್ಷ ನಗದು ನಾಪತ್ತೆ!
ಮೈಸೂರು, ಮೇ 12(ಆರ್‌ಕೆ)- ದಾವಣಗೆರೆಯಿಂದ ಕರ್ನಾಟಕ ರಾಜ್ಯ ರಸ್ತೆ ಸಾರಿಗೆ ಸಂಸ್ಥೆ (ಕೆಎಸ್‌ಆರ್‌ಟಿಸಿ)ಯ ಐರಾವತ ಕ್ಲಬ್ ಕ್ಲಾಸ್ ಬಸ್ಸಿನಲ್ಲಿ ಮೈಸೂರಿಗೆ ಬಂದ ಪ್ರಯಾಣಿಕನ ರೂ.10 ಲಕ್ಷ ನಗದು ಕಳುವಾಗಿದೆ. ಮೈಸೂರಿನ ಕೆಆರ್ ಮೊಹಲ್ಲಾ ನಿವಾಸಿ ಎ.ಅಮಿತ್ ಹಣ ಕಳೆದುಕೊಂಡವರು. ದಾವಣಗೆರೆಯಲ್ಲಿ ವ್ಯವಹಾರ ನಿಮಿತ್ತ ತೆರಳಿದ್ದ ಅವರು ಹಣದೊಂದಿಗೆ ಬಸ್ಸಿನಲ್ಲಿ ವಾಪಸ್ ಬರುತ್ತಿದ್ದರು.
ಅವರದ್ದ ತಾವು ಕುಳಿತು ಮಾತ್ರಾರುವ ಆಧಾರದ ಆಂದ ಮಾಲೀಕ ವಿಶಾಲ್ ಜೈನ್ ಬಳಿ ಕೊಡುವುದಕ್ಕಾಗಿ ಹಣ ತಂದಿದ್ದರು. ಬಸ್ಸಿನ ಲಗೇಜ್ ಕ್ಯಾರಿಯರ್‌ನಲ್ಲಿ ಇರಿಸಿದ್ದ ಬ್ಯಾಗ್ ಮೈಸೂರು ತಲುಪಿದಾಗ ಕಾಣೆಯಾಗಿತ್ತು.
ಹಣ ಕಳೆದುಕೊಂಡ ಎ.ಅಮಿತ್ ಮತ್ತು ಬ್ಯಾಗ್
ಆಲಸ್ಯ ಆದ ಅಮಿತ್, ತಕ್ಷಣ ಬಸ್ಸಿನ ನಿರ್ವಾಹಕರಿಗೆ ವಿಷಯ ತಿಳಿಸಿದರು. ಬಸ್ಸಿನಲ್ಲಿದ್ದ ಇತರೆ ಪ್ರಯಾಣಿಕರನ್ನು ವಿಚಾರಿಸಿದರೂ ಬ್ಯಾಗ್ ಪತ್ತೆಯಾಗಲಿಲ್ಲ. ನಂತರ ಅವರು ಪೊಲೀಸರಿಗೆ ದೂರು ನೀಡಿದರು.
ಮಂಡ್ಯದ ಕುಣಿಗಲ್, ತುಮಕೂರು ನಲ್ಲಿ ಬಸ್ ನಿಲ್ಲಿಸಿದಾಗ ಯಾರಾದರೂ ಬ್ಯಾಗ್ ತೆಗೆದುಕೊಂಡು ಹೋಗಿರಬಹುದು ಎಂದು ಶಂಕಿಸಲಾಗಿದೆ. ಈ ಸಂಬಂಧ ಪ್ರಕರಣ ದಾಖಲಿಸಿಕೊಂಡಿರುವ ಪೊಲೀಸರು ತನಿಖೆ ಆರಂಭಿಸಿದ್ದಾರೆ.
ಕೊಂಡಿದ್ದರು. ಬಸ್ಸು ಕೊಂಡಿರುವಾಗ ಹಣವಿದ್ದ ಬ್ಯಾಗ್ ಇಟ್ಟಿದ್ದರು ಎಂದು ದೂರಿನಲ್ಲಿ ತಿಳಿಸಲಾಗಿದೆ. ಬಸ್ ನಿಲ್ದಾಣದ ಸಿಸಿ ಕ್ಯಾಮರಾ ದೃಶ್ಯಗಳನ್ನು ಪರಿಶೀಲಿಸಲಾಗುತ್ತಿದೆ ಎಂದು ‘ಮೈಸೂರು ಮಿತ್ರ’ನಿಗೆ ತಿಳಿಸಿದರು.
ನಿವಾಸಿಗಳ ಬಳಿ ಹಣ ಇತ್ತು ಎಂಬ ವಿಚಾರ ತಿಳಿದಿದ್ದ ಯಾರಾದರೂ ಕೃತ್ಯ ಎಸಗಿರಬಹುದು ಎಂಬ ಅನುಮಾನ ವ್ಯಕ್ತವಾಗಿದೆ. ನಜರ್‌ಬಾದ್ ಪೊಲೀಸ್ ಠಾಣೆಯಲ್ಲಿ ಪ್ರಕರಣ ದಾಖಲಾಗಿದೆ ಎಂದು ತಿಳಿದುಬಂದಿದೆ.
ಒಳಮೀಸಲಾತಿ ಸಮೀಕ್ಷೆ ಗೊಂದಲ ನಿವಾರಣೆಗೆ ಒತ್ತಾಯ
ಮೈಸೂರು, ಮೇ 12(ಎಂಟಿವೈ)- ರಾಜ್ಯ ಸರ್ಕಾರ ಆರಂಭಿಸಿರುವ ಪರಿಶಿಷ್ಟ ಜಾತಿಯ ಒಳಮೀಸಲಾತಿ ಸಮೀಕ್ಷೆಯಲ್ಲಿ ಉಂಟಾಗಿರುವ ಕೆಲ ತಾಂತ್ರಿಕ ಗೊಂದಲ ನಿವಾರಿಸಿ, ಸಮೀಕ್ಷೆಗಾಗಿ ನಿಯೋಜಿಸಿರುವ ಗಣತಿದಾರರಿಗೆ ಸೂಕ್ತ ತರಬೇತಿ ನೀಡಬೇಕು ಎಂದು ಕೊರಮ ಸಮಾಜ ಒತ್ತಾಯಿಸಿದೆ. ನಗರದ ಪತ್ರಕರ್ತರ ಭವನದಲ್ಲಿ ಸುದ್ದಿಗೋಷ್ಠಿಯಲ್ಲಿ ಮಾತನಾಡಿದ ಸಮಾಜದ ಮುಖಂಡರು, ಸಮೀಕ್ಷೆಯ ವೇಳೆ ಕೊರಮ, ಕೊರಚ ಸಮುದಾಯದ ಜಾತಿ ವಿವರಗಳನ್ನು ನಮೂದಿಸುವಲ್ಲಿ ಗೊಂದಲ ಉಂಟಾಗುತ್ತಿದೆ. ಮೊಬೈಲ್ ಆ್ಯಪ್‌ನಲ್ಲಿ ನಮ್ಮ ಸಮುದಾಯದ ಉಪಜಾತಿಗಳು ಸರಿಯಾಗಿ ದಾಖಲಾಗುತ್ತಿಲ್ಲ. ಈ ಕುರಿತು ಸರ್ಕಾರ ತಕ್ಷಣ ಕ್ರಮ ಕೈಗೊಳ್ಳಬೇಕು ಎಂದು ಆಗ್ರಹಿಸಿದರು. ಸಮೀಕ್ಷೆ ಕಾರ್ಯವನ್ನು ವೇಗಗೊಳಿಸಲು ಹೆಚ್ಚಿನ ಗಣತಿದಾರರನ್ನು ನೇಮಿಸಬೇಕು. ಮನೆ ಮನೆಗೆ ಭೇಟಿ ನೀಡುವ ಸಂದರ್ಭದಲ್ಲಿ ಸಮುದಾಯದ ಜನರು ಸರಿಯಾದ ಮಾಹಿತಿ ನೀಡಬೇಕು ಎಂದು ಮನವಿ ಮಾಡಿದರು. ಸುದ್ದಿಗೋಷ್ಠಿಯಲ್ಲಿ ಜಿಲ್ಲಾ ಕೊರಮ ಸಮಾಜದ ಪದಾಧಿಕಾರಿಗಳು ಉಪಸ್ಥಿತರಿದ್ದರು.
ಇಂದು ಸರಣಿ ರಕ್ತದಾನ ಶಿಬಿರ
ಗೋಣಿಕೊಪ್ಪ, ಮೇ 12- ಅಕ್ಷಯ ಚಾರಿಟಬಲ್ ಟ್ರಸ್ಟ್ ವತಿಯಿಂದ ಇಂಟರ್‌ನ್ಯಾಷನಲ್ ಗೋಣಿಕೊಪ್ಪಲ್ ಲೇಡೀಸ್ ಸಹಕಾರದೊಂದಿಗೆ ಗೋಣಿಕೊಪ್ಪಲಿನಲ್ಲಿ ಮೇ 13 ರಂದು ಬೆಳಿಗ್ಗೆ 10 ಗಂಟೆಗೆ ಸರಣಿ ರಕ್ತದಾನ ಶಿಬಿರ ಏರ್ಪಡಿಸಲಾಗಿದೆ. ರಕ್ತದಾನ ಮಾಡಲು ಇಚ್ಛಿಸುವವರು ಶಿಬಿರದಲ್ಲಿ ಪಾಲ್ಗೊಳ್ಳಬಹುದು ಎಂದು ಟ್ರಸ್ಟ್‌ನ ಪದಾಧಿಕಾರಿಗಳು ಪ್ರಕಟಣೆಯಲ್ಲಿ ತಿಳಿಸಿದ್ದಾರೆ.
